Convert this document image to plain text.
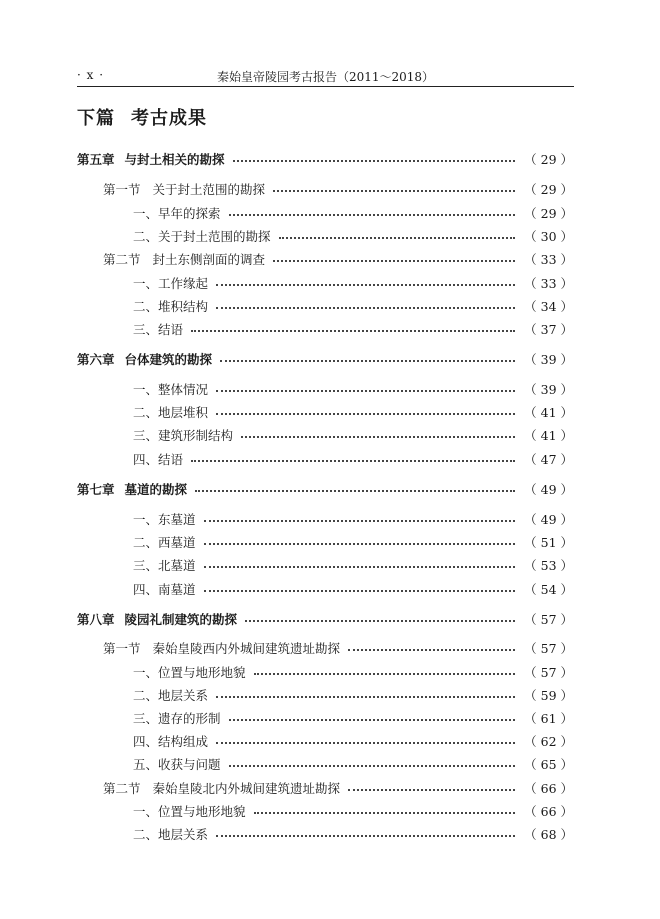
· x ·	秦始皇帝陵园考古报告（2011～2018）
下篇 考古成果
第五章 与封土相关的勘探	（ 29 ）
第一节 关于封土范围的勘探	（ 29 ）
一、 早年的探索	（ 29 ）
二、 关于封土范围的勘探	（ 30 ）
第二节 封土东侧剖面的调查	（ 33 ）
一、 工作缘起	（ 33 ）
二、 堆积结构	（ 34 ）
三、 结语	（ 37 ）
第六章 台体建筑的勘探	（ 39 ）
一、 整体情况	（ 39 ）
二、 地层堆积	（ 41 ）
三、 建筑形制结构	（ 41 ）
四、 结语	（ 47 ）
第七章 墓道的勘探	（ 49 ）
一、 东墓道	（ 49 ）
二、 西墓道	（ 51 ）
三、 北墓道	（ 53 ）
四、 南墓道	（ 54 ）
第八章 陵园礼制建筑的勘探	（ 57 ）
第一节 秦始皇陵西内外城间建筑遗址勘探	（ 57 ）
一、 位置与地形地貌	（ 57 ）
二、 地层关系	（ 59 ）
三、 遗存的形制	（ 61 ）
四、 结构组成	（ 62 ）
五、 收获与问题	（ 65 ）
第二节 秦始皇陵北内外城间建筑遗址勘探	（ 66 ）
一、 位置与地形地貌	（ 66 ）
二、 地层关系	（ 68 ）
